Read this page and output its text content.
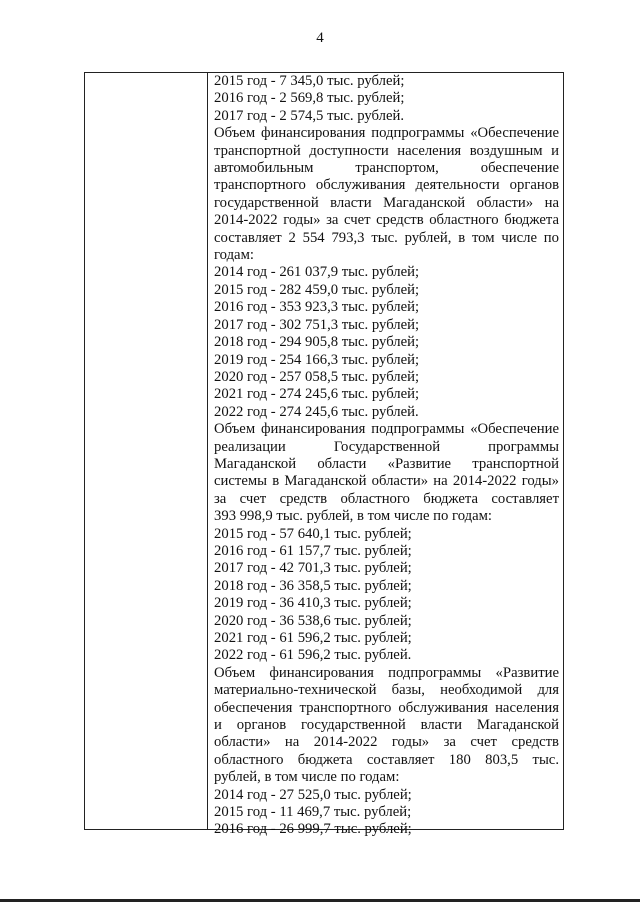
4
2015 год - 7 345,0 тыс. рублей;
2016 год - 2 569,8 тыс. рублей;
2017 год - 2 574,5 тыс. рублей.
Объем финансирования подпрограммы «Обеспечение
транспортной доступности населения воздушным и
автомобильным транспортом, обеспечение
транспортного обслуживания деятельности органов
государственной власти Магаданской области» на
2014-2022 годы» за счет средств областного бюджета
составляет 2 554 793,3 тыс. рублей, в том числе по
годам:
2014 год - 261 037,9 тыс. рублей;
2015 год - 282 459,0 тыс. рублей;
2016 год - 353 923,3 тыс. рублей;
2017 год - 302 751,3 тыс. рублей;
2018 год - 294 905,8 тыс. рублей;
2019 год - 254 166,3 тыс. рублей;
2020 год - 257 058,5 тыс. рублей;
2021 год - 274 245,6 тыс. рублей;
2022 год - 274 245,6 тыс. рублей.
Объем финансирования подпрограммы «Обеспечение
реализации Государственной программы
Магаданской области «Развитие транспортной
системы в Магаданской области» на 2014-2022 годы»
за счет средств областного бюджета составляет
393 998,9 тыс. рублей, в том числе по годам:
2015 год - 57 640,1 тыс. рублей;
2016 год - 61 157,7 тыс. рублей;
2017 год - 42 701,3 тыс. рублей;
2018 год - 36 358,5 тыс. рублей;
2019 год - 36 410,3 тыс. рублей;
2020 год - 36 538,6 тыс. рублей;
2021 год - 61 596,2 тыс. рублей;
2022 год - 61 596,2 тыс. рублей.
Объем финансирования подпрограммы «Развитие
материально-технической базы, необходимой для
обеспечения транспортного обслуживания населения
и органов государственной власти Магаданской
области» на 2014-2022 годы» за счет средств
областного бюджета составляет 180 803,5 тыс.
рублей, в том числе по годам:
2014 год - 27 525,0 тыс. рублей;
2015 год - 11 469,7 тыс. рублей;
2016 год - 26 999,7 тыс. рублей;
